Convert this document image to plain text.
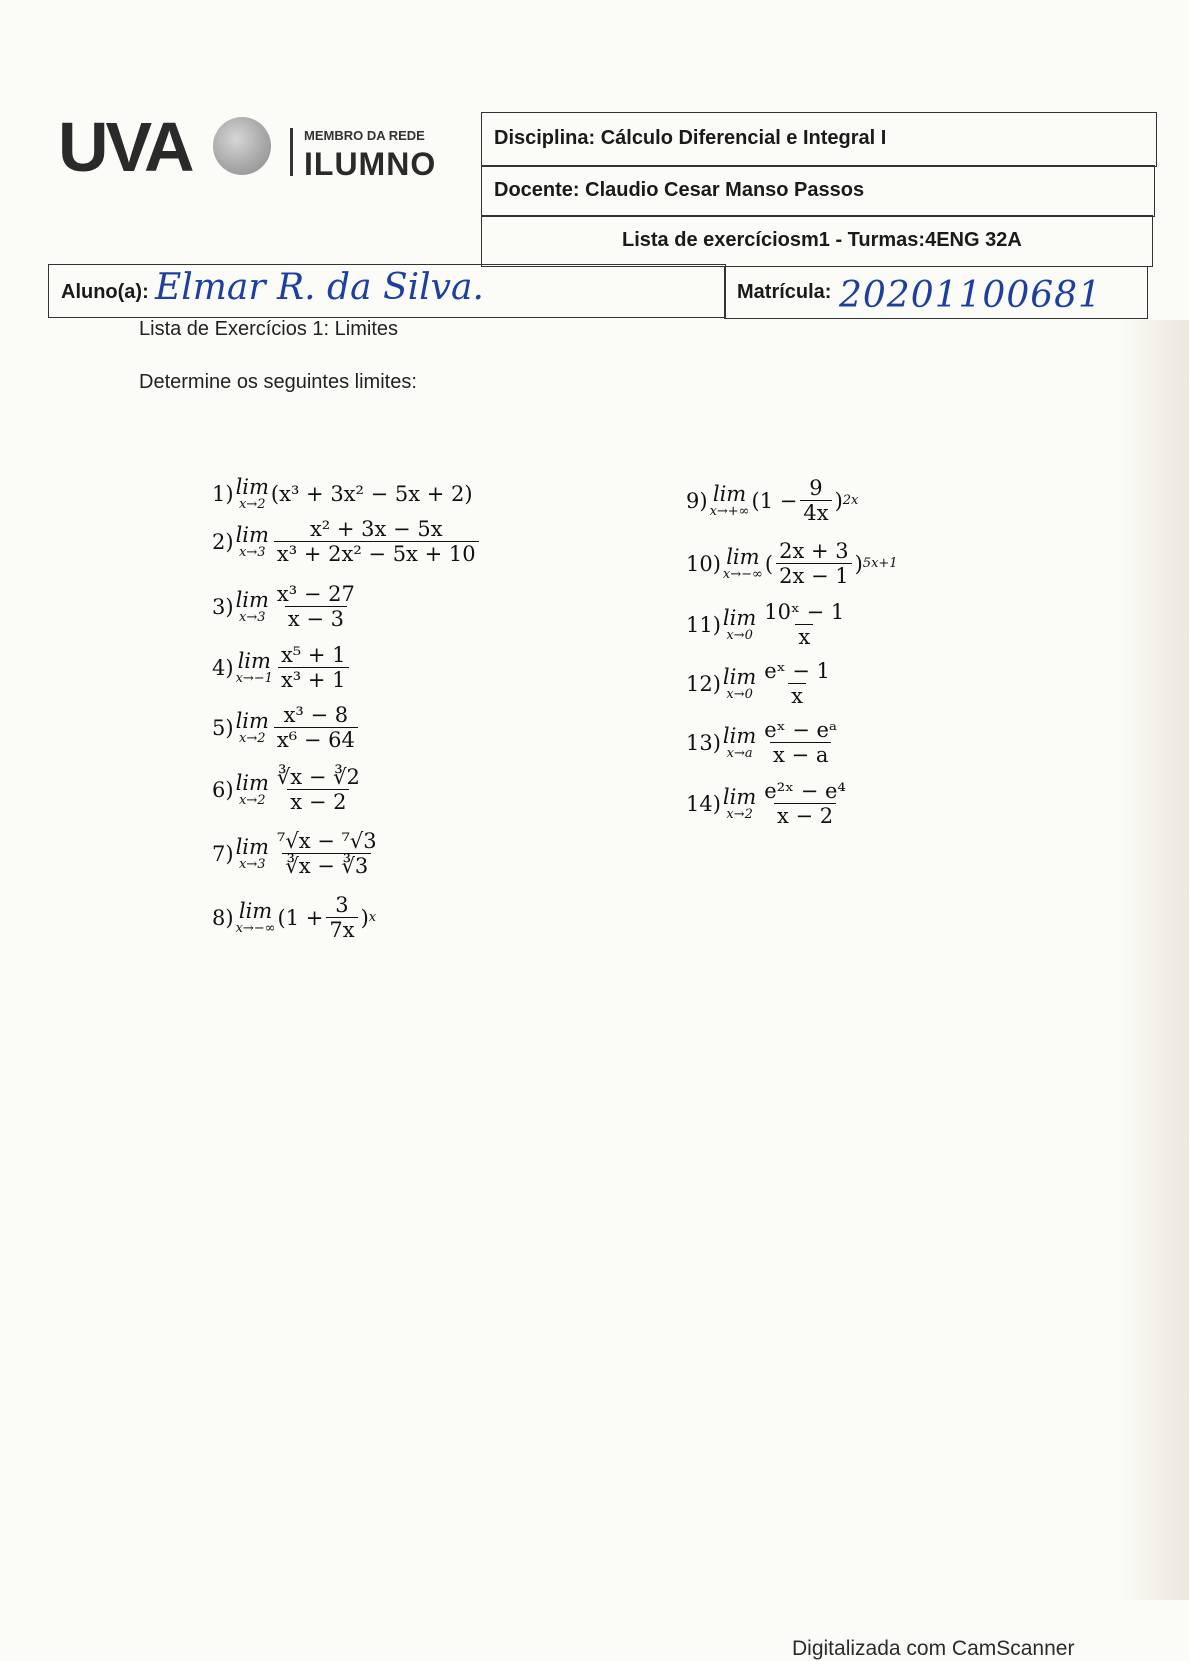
UVA	MEMBRO DA REDE
ILUMNO
Disciplina: Cálculo Diferencial e Integral I
Docente: Claudio Cesar Manso Passos
Lista de exercíciosm1 - Turmas:4ENG 32A
Aluno(a): Elmar R. da Silva.	Matrícula: 20201100681
Lista de Exercícios 1: Limites
Determine os seguintes limites:
1) lim
x→2 (x³ + 3x² − 5x + 2)
2) lim
$x\to 3 \frac{\text{x² + 3x − 5x}}{\text{x³ + 2x² − 5x + 10}}$
3) lim
$x\to 3 \frac{\text{x³ − 27}}{x - 3}$
4) lim
$x\to-1 \frac{\text{x⁵ + 1}}{\text{x³ + 1}}$
5) lim
$x\to 2 \frac{\text{x³ − 8}}{\text{x⁶ − 64}}$
6) lim
$x\to 2 \frac{∛x - ∛2}{x - 2}$
7) lim
$x\to 3 \frac{\text{⁷√x − ⁷√3}}{∛x - ∛3}$
8) lim
x→−∞ ($1 + \frac{3}{7x}$ ) x
9) lim
x→+∞ ($1 - \frac{9}{4x}$ ) 2x
10) lim
x→−∞ ( $\frac{2x + 3}{2x - 1}$ ) 5x+1
11) lim
$x\to 0 \frac{\text{10ˣ − 1}}{x}$
12) lim
$x\to 0 \frac{\text{eˣ − 1}}{x}$
13) lim
$x\to a \frac{\text{eˣ − eᵃ}}{x - a}$
14) lim
$x\to 2 \frac{\text{e²ˣ − e⁴}}{x - 2}$
Digitalizada com CamScanner
